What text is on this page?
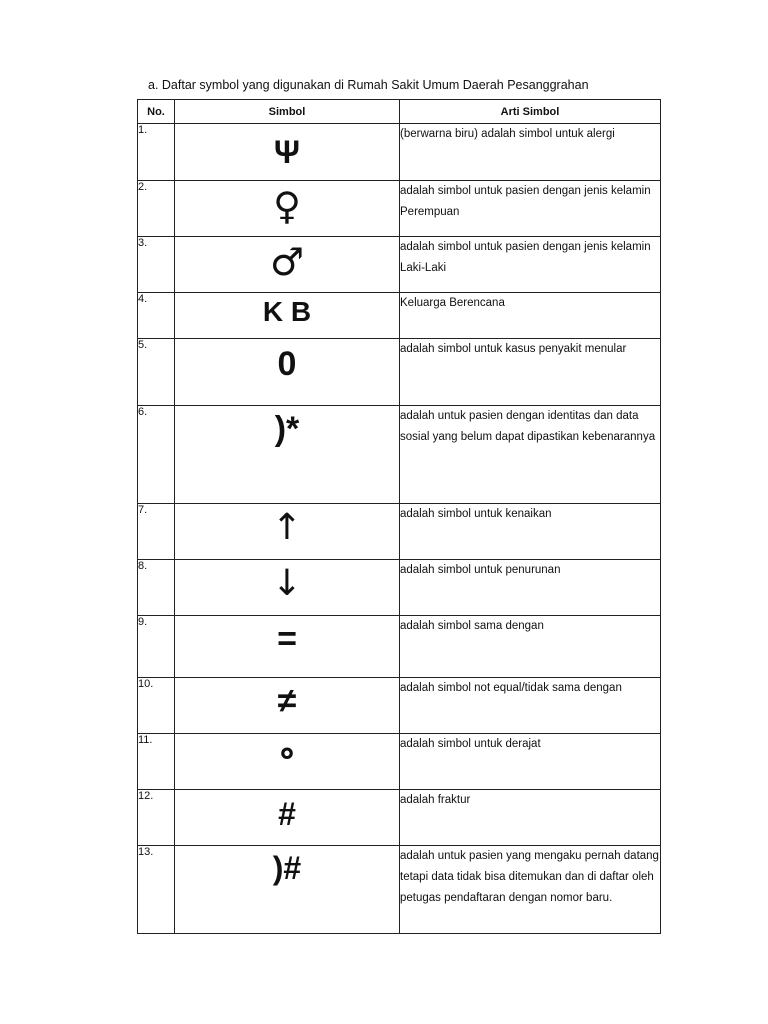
a. Daftar symbol yang digunakan di Rumah Sakit Umum Daerah Pesanggrahan
No.	Simbol	Arti Simbol
1.	Ψ	(berwarna biru) adalah simbol untuk alergi
2.	♀	adalah simbol untuk pasien dengan jenis kelamin Perempuan
3.	♂	adalah simbol untuk pasien dengan jenis kelamin Laki-Laki
4.	K B	Keluarga Berencana
5.	0	adalah simbol untuk kasus penyakit menular
6.	)*	adalah untuk pasien dengan identitas dan data sosial yang belum dapat dipastikan kebenarannya
7.	↑	adalah simbol untuk kenaikan
8.	↓	adalah simbol untuk penurunan
9.	=	adalah simbol sama dengan
10.	≠	adalah simbol not equal/tidak sama dengan
11.	∘	adalah simbol untuk derajat
12.	#	adalah fraktur
13.	)#	adalah untuk pasien yang mengaku pernah datang tetapi data tidak bisa ditemukan dan di daftar oleh petugas pendaftaran dengan nomor baru.
